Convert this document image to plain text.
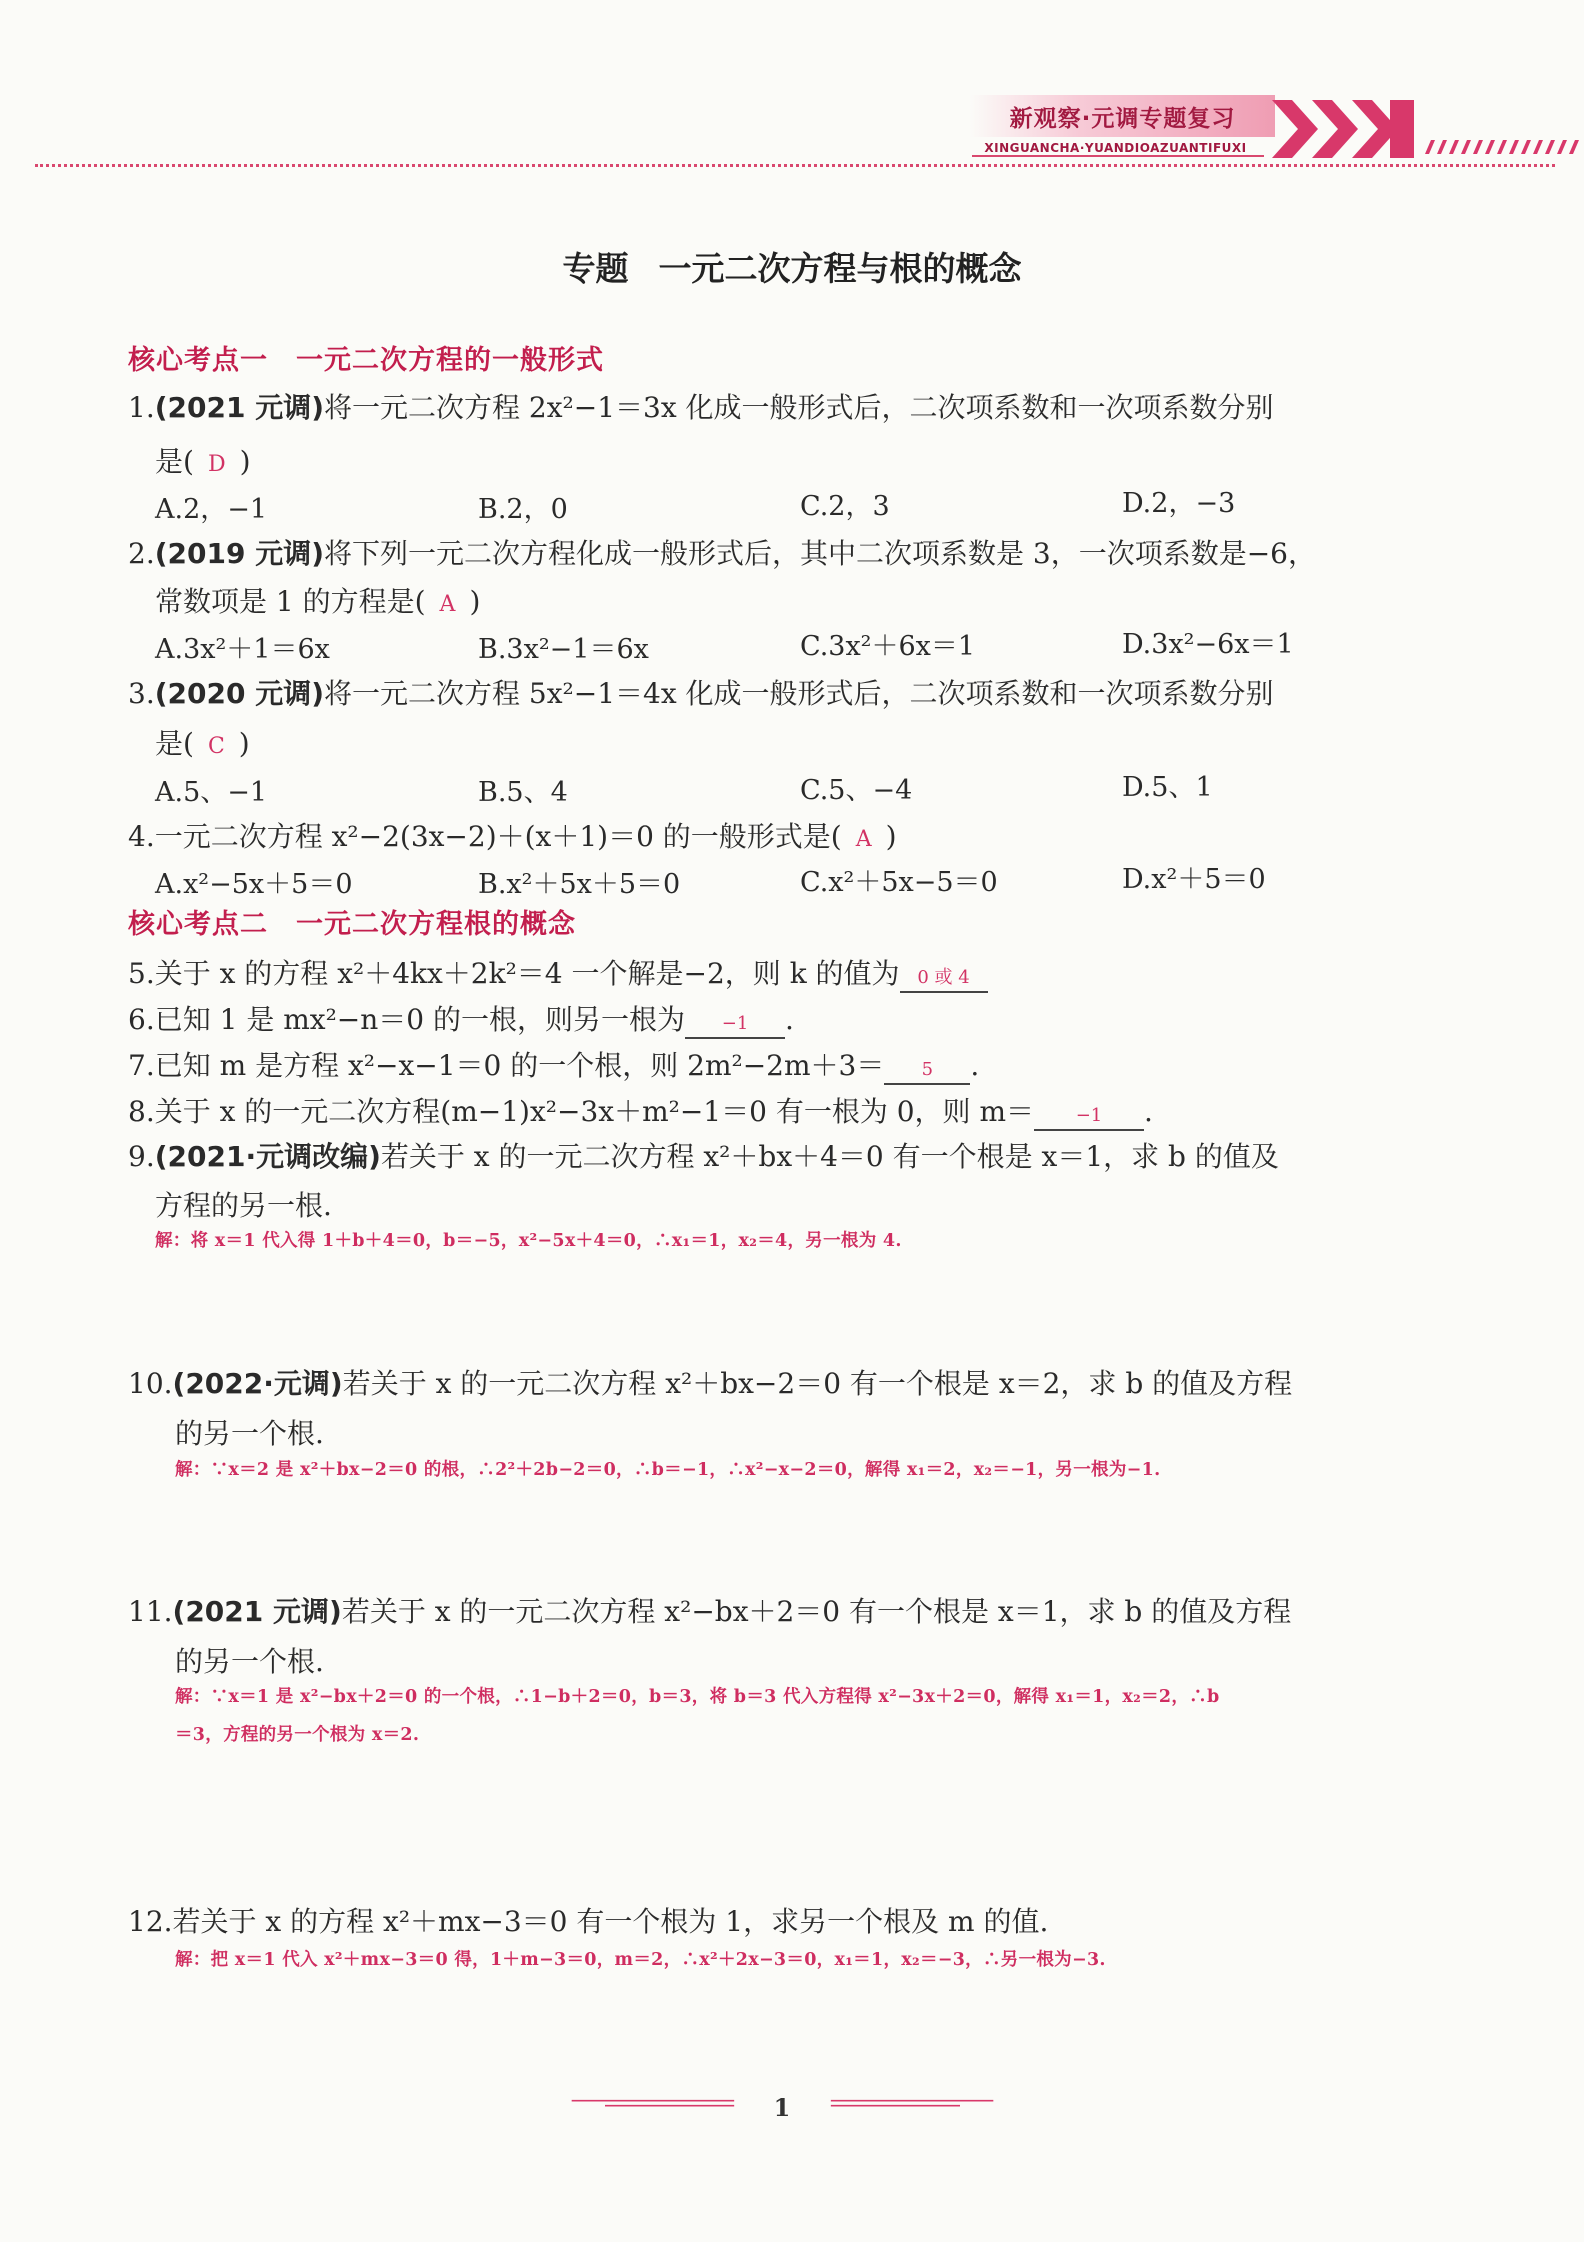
新观察·元调专题复习
XINGUANCHA·YUANDIOAZUANTIFUXI
专题 一元二次方程与根的概念
核心考点一 一元二次方程的一般形式
1.(2021 元调)将一元二次方程 2x²−1＝3x 化成一般形式后，二次项系数和一次项系数分别
是( D )
A.2，−1	B.2，0	C.2，3	D.2，−3
2.(2019 元调)将下列一元二次方程化成一般形式后，其中二次项系数是 3，一次项系数是−6，
常数项是 1 的方程是( A )
A.3x²＋1＝6x	B.3x²−1＝6x	C.3x²＋6x＝1	D.3x²−6x＝1
3.(2020 元调)将一元二次方程 5x²−1＝4x 化成一般形式后，二次项系数和一次项系数分别
是( C )
A.5、−1	B.5、4	C.5、−4	D.5、1
4.一元二次方程 x²−2(3x−2)＋(x＋1)＝0 的一般形式是( A )
A.x²−5x＋5＝0	B.x²＋5x＋5＝0	C.x²＋5x−5＝0	D.x²＋5＝0
核心考点二 一元二次方程根的概念
5.关于 x 的方程 x²＋4kx＋2k²＝4 一个解是−2，则 k 的值为 0 或 4
6.已知 1 是 mx²−n＝0 的一根，则另一根为 −1 .
7.已知 m 是方程 x²−x−1＝0 的一个根，则 2m²−2m＋3＝ 5 .
8.关于 x 的一元二次方程(m−1)x²−3x＋m²−1＝0 有一根为 0，则 m＝ −1 .
9.(2021·元调改编)若关于 x 的一元二次方程 x²＋bx＋4＝0 有一个根是 x＝1，求 b 的值及
方程的另一根.
解：将 x＝1 代入得 1＋b＋4＝0，b＝−5，x²−5x＋4＝0，∴x₁＝1，x₂＝4，另一根为 4.
10.(2022·元调)若关于 x 的一元二次方程 x²＋bx−2＝0 有一个根是 x＝2，求 b 的值及方程
的另一个根.
解：∵x＝2 是 x²＋bx−2＝0 的根，∴2²＋2b−2＝0，∴b＝−1，∴x²−x−2＝0，解得 x₁＝2，x₂＝−1，另一根为−1.
11.(2021 元调)若关于 x 的一元二次方程 x²−bx＋2＝0 有一个根是 x＝1，求 b 的值及方程
的另一个根.
解：∵x＝1 是 x²−bx＋2＝0 的一个根，∴1−b＋2＝0，b＝3，将 b＝3 代入方程得 x²−3x＋2＝0，解得 x₁＝1，x₂＝2，∴b
＝3，方程的另一个根为 x＝2.
12.若关于 x 的方程 x²＋mx−3＝0 有一个根为 1，求另一个根及 m 的值.
解：把 x＝1 代入 x²＋mx−3＝0 得，1＋m−3＝0，m＝2，∴x²＋2x−3＝0，x₁＝1，x₂＝−3，∴另一根为−3.
1
